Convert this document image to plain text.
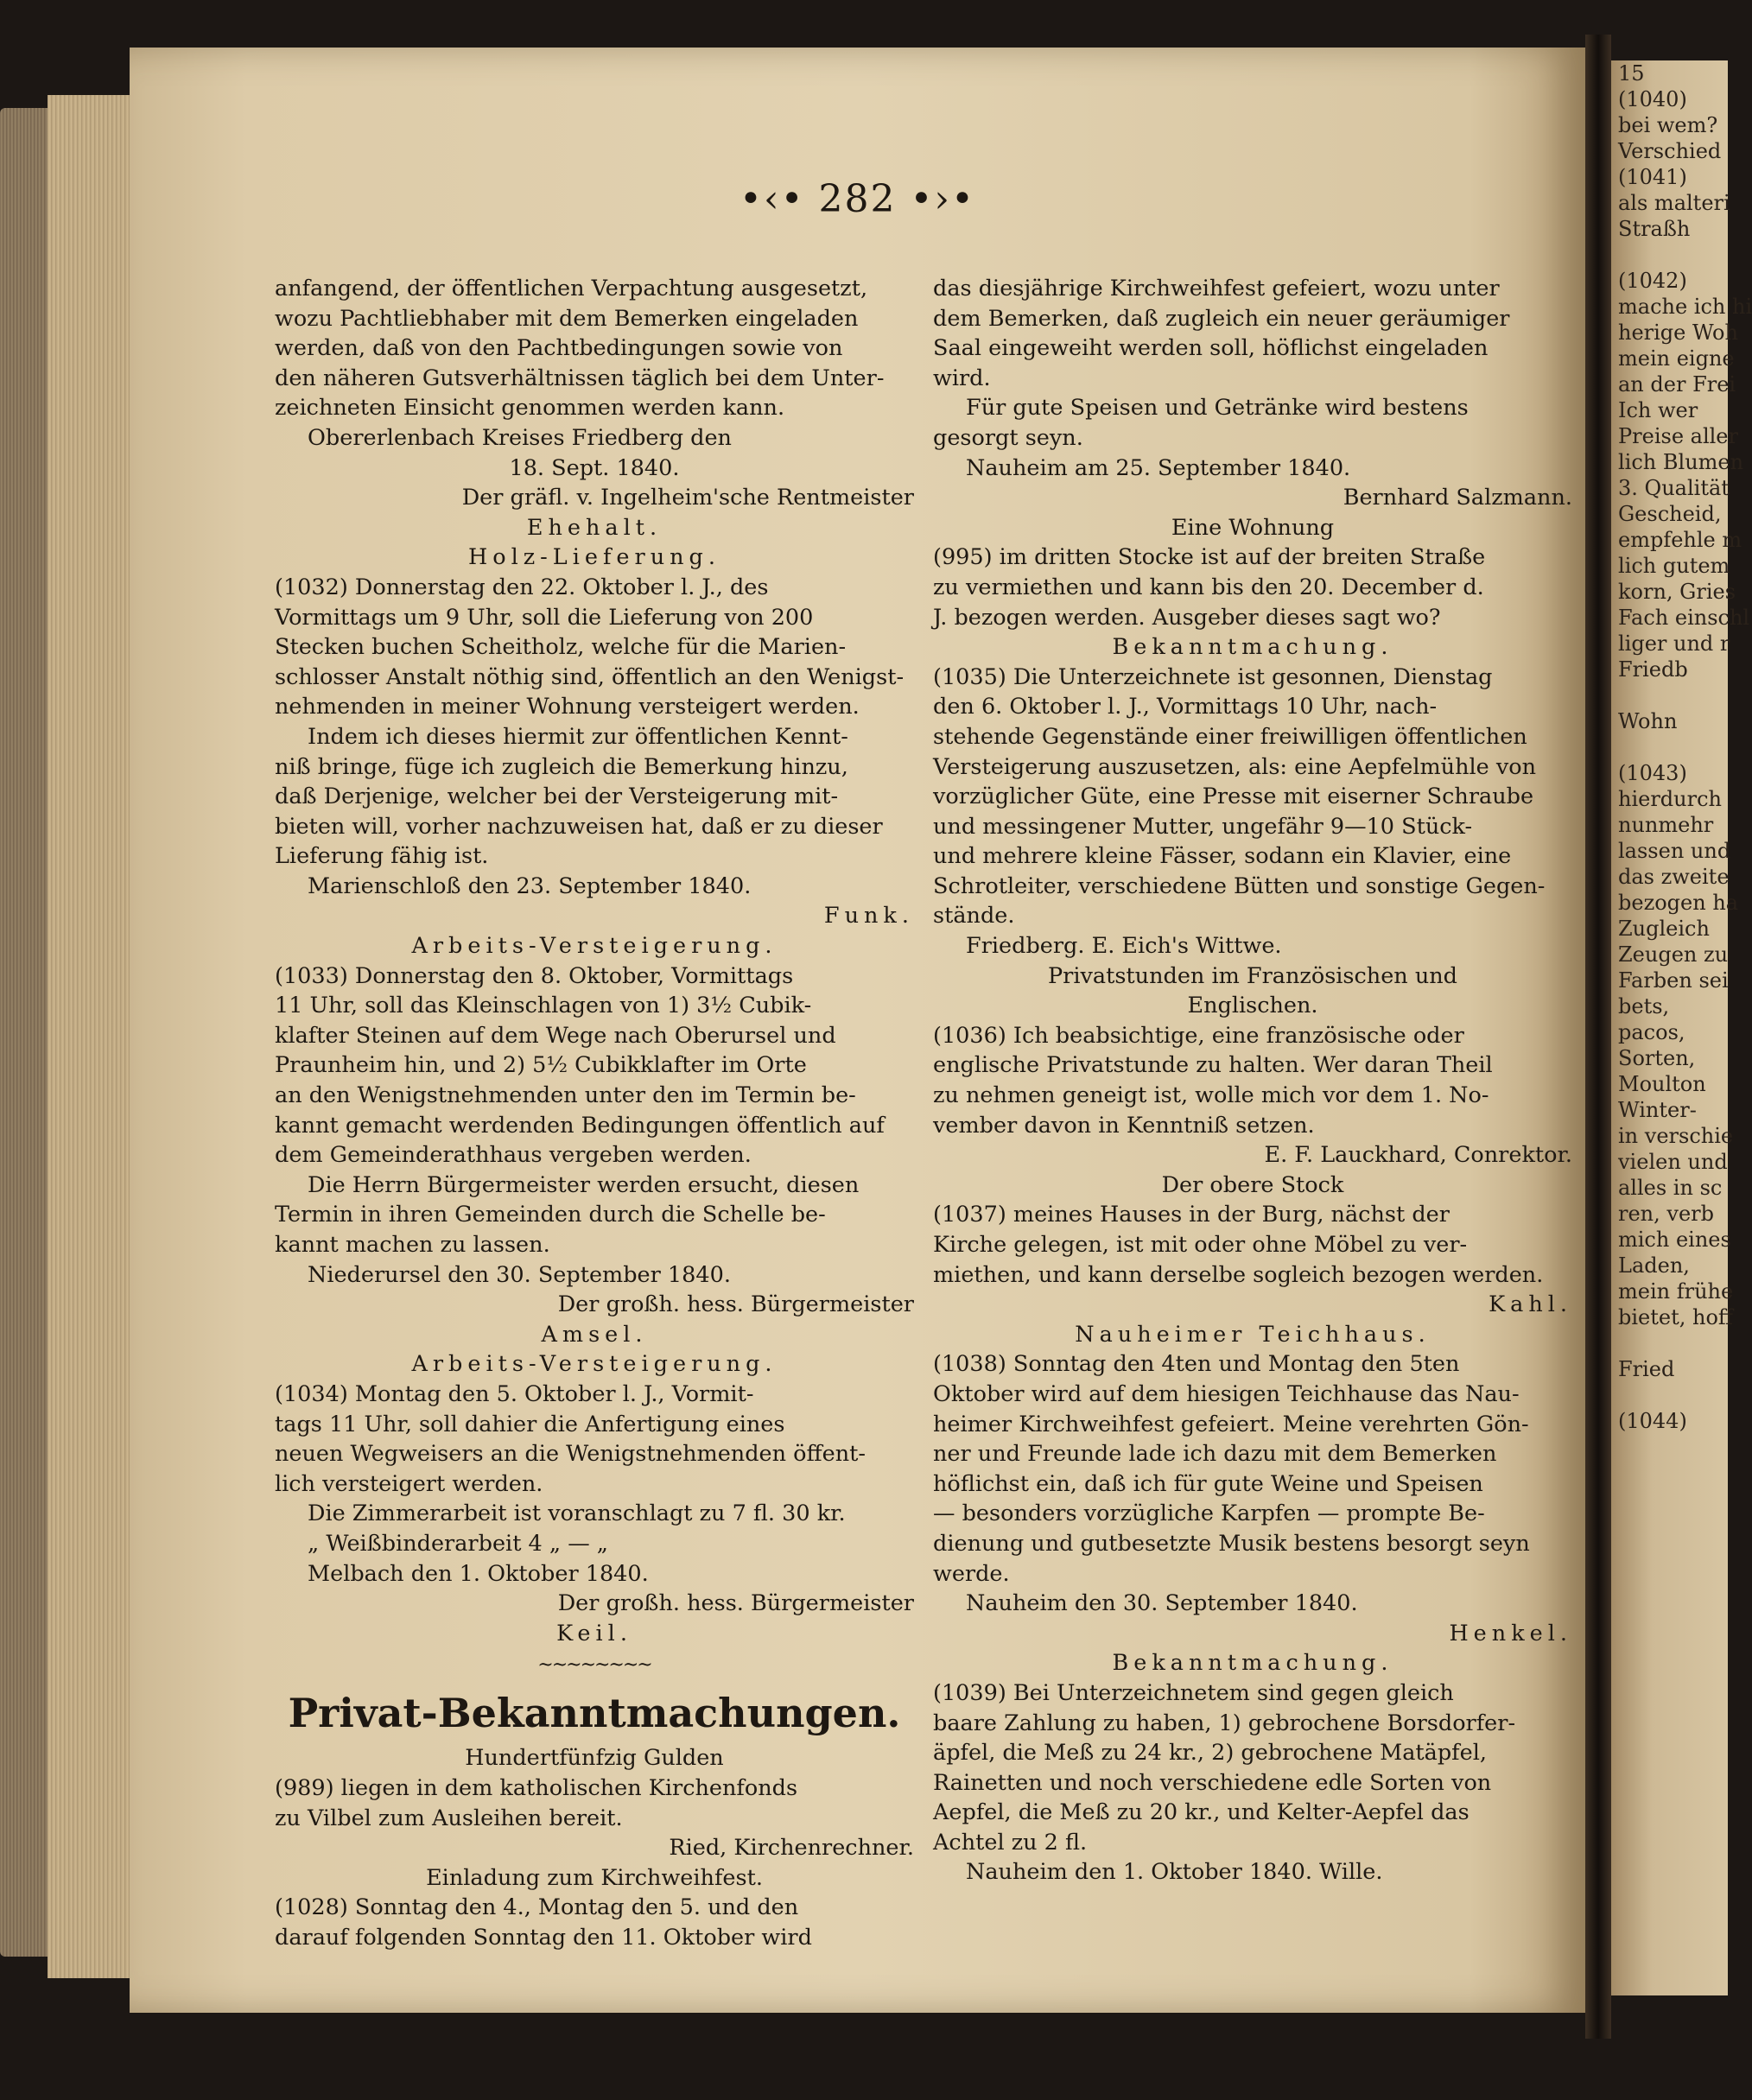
•‹• 282 •›•
anfangend, der öffentlichen Verpachtung ausgesetzt,
wozu Pachtliebhaber mit dem Bemerken eingeladen
werden, daß von den Pachtbedingungen sowie von
den näheren Gutsverhältnissen täglich bei dem Unter-
zeichneten Einsicht genommen werden kann.
Obererlenbach Kreises Friedberg den
18. Sept. 1840.
Der gräfl. v. Ingelheim'sche Rentmeister
Ehehalt.
Holz-Lieferung.
(1032) Donnerstag den 22. Oktober l. J., des
Vormittags um 9 Uhr, soll die Lieferung von 200
Stecken buchen Scheitholz, welche für die Marien-
schlosser Anstalt nöthig sind, öffentlich an den Wenigst-
nehmenden in meiner Wohnung versteigert werden.
Indem ich dieses hiermit zur öffentlichen Kennt-
niß bringe, füge ich zugleich die Bemerkung hinzu,
daß Derjenige, welcher bei der Versteigerung mit-
bieten will, vorher nachzuweisen hat, daß er zu dieser
Lieferung fähig ist.
Marienschloß den 23. September 1840.
Funk.
Arbeits-Versteigerung.
(1033) Donnerstag den 8. Oktober, Vormittags
11 Uhr, soll das Kleinschlagen von 1) 3½ Cubik-
klafter Steinen auf dem Wege nach Oberursel und
Praunheim hin, und 2) 5½ Cubikklafter im Orte
an den Wenigstnehmenden unter den im Termin be-
kannt gemacht werdenden Bedingungen öffentlich auf
dem Gemeinderathhaus vergeben werden.
Die Herrn Bürgermeister werden ersucht, diesen
Termin in ihren Gemeinden durch die Schelle be-
kannt machen zu lassen.
Niederursel den 30. September 1840.
Der großh. hess. Bürgermeister
Amsel.
Arbeits-Versteigerung.
(1034) Montag den 5. Oktober l. J., Vormit-
tags 11 Uhr, soll dahier die Anfertigung eines
neuen Wegweisers an die Wenigstnehmenden öffent-
lich versteigert werden.
Die Zimmerarbeit ist voranschlagt zu 7 fl. 30 kr.
„ Weißbinderarbeit 4 „ — „
Melbach den 1. Oktober 1840.
Der großh. hess. Bürgermeister
Keil.
~~~~~~~~
Privat-Bekanntmachungen.
Hundertfünfzig Gulden
(989) liegen in dem katholischen Kirchenfonds
zu Vilbel zum Ausleihen bereit.
Ried, Kirchenrechner.
Einladung zum Kirchweihfest.
(1028) Sonntag den 4., Montag den 5. und den
darauf folgenden Sonntag den 11. Oktober wird
das diesjährige Kirchweihfest gefeiert, wozu unter
dem Bemerken, daß zugleich ein neuer geräumiger
Saal eingeweiht werden soll, höflichst eingeladen
wird.
Für gute Speisen und Getränke wird bestens
gesorgt seyn.
Nauheim am 25. September 1840.
Bernhard Salzmann.
Eine Wohnung
(995) im dritten Stocke ist auf der breiten Straße
zu vermiethen und kann bis den 20. December d.
J. bezogen werden. Ausgeber dieses sagt wo?
Bekanntmachung.
(1035) Die Unterzeichnete ist gesonnen, Dienstag
den 6. Oktober l. J., Vormittags 10 Uhr, nach-
stehende Gegenstände einer freiwilligen öffentlichen
Versteigerung auszusetzen, als: eine Aepfelmühle von
vorzüglicher Güte, eine Presse mit eiserner Schraube
und messingener Mutter, ungefähr 9—10 Stück-
und mehrere kleine Fässer, sodann ein Klavier, eine
Schrotleiter, verschiedene Bütten und sonstige Gegen-
stände.
Friedberg. E. Eich's Wittwe.
Privatstunden im Französischen und
Englischen.
(1036) Ich beabsichtige, eine französische oder
englische Privatstunde zu halten. Wer daran Theil
zu nehmen geneigt ist, wolle mich vor dem 1. No-
vember davon in Kenntniß setzen.
E. F. Lauckhard, Conrektor.
Der obere Stock
(1037) meines Hauses in der Burg, nächst der
Kirche gelegen, ist mit oder ohne Möbel zu ver-
miethen, und kann derselbe sogleich bezogen werden.
Kahl.
Nauheimer Teichhaus.
(1038) Sonntag den 4ten und Montag den 5ten
Oktober wird auf dem hiesigen Teichhause das Nau-
heimer Kirchweihfest gefeiert. Meine verehrten Gön-
ner und Freunde lade ich dazu mit dem Bemerken
höflichst ein, daß ich für gute Weine und Speisen
— besonders vorzügliche Karpfen — prompte Be-
dienung und gutbesetzte Musik bestens besorgt seyn
werde.
Nauheim den 30. September 1840.
Henkel.
Bekanntmachung.
(1039) Bei Unterzeichnetem sind gegen gleich
baare Zahlung zu haben, 1) gebrochene Borsdorfer-
äpfel, die Meß zu 24 kr., 2) gebrochene Matäpfel,
Rainetten und noch verschiedene edle Sorten von
Aepfel, die Meß zu 20 kr., und Kelter-Aepfel das
Achtel zu 2 fl.
Nauheim den 1. Oktober 1840. Wille.
15
(1040)
bei wem?
Verschied
(1041)
als malteri
Straßh

(1042)
mache ich hi
herige Woh
mein eigne
an der Frei
Ich wer
Preise aller
lich Blumen
3. Qualität
Gescheid,
empfehle m
lich gutem
korn, Gries
Fach einschl
liger und r
Friedb

Wohn

(1043)
hierdurch
nunmehr
lassen und
das zweite
bezogen ha
Zugleich
Zeugen zu
Farben sei
bets,
pacos,
Sorten,
Moulton
Winter-
in verschie
vielen und
alles in sc
ren, verb
mich eines
Laden,
mein frühe
bietet, hoff

Fried

(1044)
